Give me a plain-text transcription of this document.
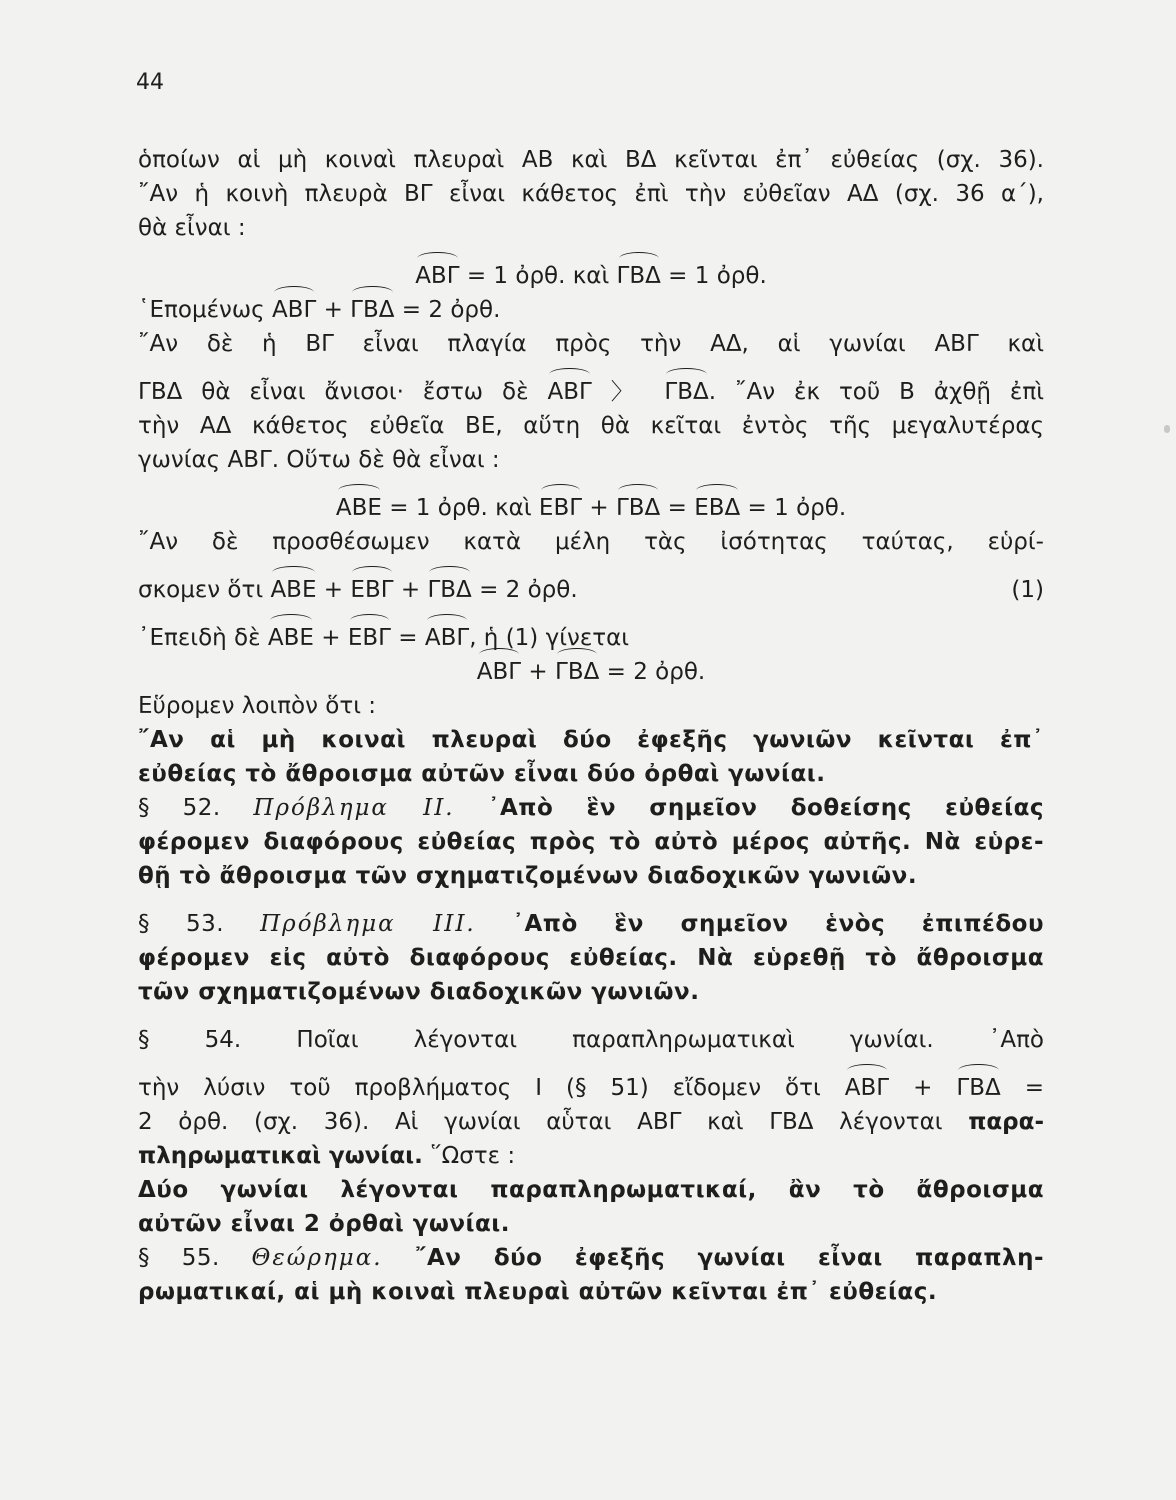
44
ὁποίων αἱ μὴ κοιναὶ πλευραὶ ΑΒ καὶ ΒΔ κεῖνται ἐπ᾽ εὐθείας (σχ. 36).
῎Αν ἡ κοινὴ πλευρὰ ΒΓ εἶναι κάθετος ἐπὶ τὴν εὐθεῖαν ΑΔ (σχ. 36 α΄),
θὰ εἶναι :
ΑΒΓ = 1 ὀρθ. καὶ ΓΒΔ = 1 ὀρθ.
῾Επομένως ΑΒΓ + ΓΒΔ = 2 ὀρθ.
῎Αν δὲ ἡ ΒΓ εἶναι πλαγία πρὸς τὴν ΑΔ, αἱ γωνίαι ΑΒΓ καὶ
ΓΒΔ θὰ εἶναι ἄνισοι· ἔστω δὲ ΑΒΓ 〉 ΓΒΔ. ῎Αν ἐκ τοῦ Β ἀχθῇ ἐπὶ
τὴν ΑΔ κάθετος εὐθεῖα ΒΕ, αὕτη θὰ κεῖται ἐντὸς τῆς μεγαλυτέρας
γωνίας ΑΒΓ. Οὕτω δὲ θὰ εἶναι :
ΑΒΕ = 1 ὀρθ. καὶ ΕΒΓ + ΓΒΔ = ΕΒΔ = 1 ὀρθ.
῎Αν δὲ προσθέσωμεν κατὰ μέλη τὰς ἰσότητας ταύτας, εὑρί-
σκομεν ὅτι ΑΒΕ + ΕΒΓ + ΓΒΔ = 2 ὀρθ.	(1)
᾿Επειδὴ δὲ ΑΒΕ + ΕΒΓ = ΑΒΓ, ἡ (1) γίνεται
ΑΒΓ + ΓΒΔ = 2 ὀρθ.
Εὕρομεν λοιπὸν ὅτι :
῎Αν αἱ μὴ κοιναὶ πλευραὶ δύο ἐφεξῆς γωνιῶν κεῖνται ἐπ᾽
εὐθείας τὸ ἄθροισμα αὐτῶν εἶναι δύο ὀρθαὶ γωνίαι.
§ 52. Πρόβλημα ΙΙ. ᾿Απὸ ἓν σημεῖον δοθείσης εὐθείας
φέρομεν διαφόρους εὐθείας πρὸς τὸ αὐτὸ μέρος αὐτῆς. Νὰ εὑρε-
θῇ τὸ ἄθροισμα τῶν σχηματιζομένων διαδοχικῶν γωνιῶν.
§ 53. Πρόβλημα ΙΙΙ. ᾿Απὸ ἓν σημεῖον ἑνὸς ἐπιπέδου
φέρομεν εἰς αὐτὸ διαφόρους εὐθείας. Νὰ εὑρεθῇ τὸ ἄθροισμα
τῶν σχηματιζομένων διαδοχικῶν γωνιῶν.
§ 54. Ποῖαι λέγονται παραπληρωματικαὶ γωνίαι. ᾿Απὸ
τὴν λύσιν τοῦ προβλήματος Ι (§ 51) εἴδομεν ὅτι ΑΒΓ + ΓΒΔ =
2 ὀρθ. (σχ. 36). Αἱ γωνίαι αὗται ΑΒΓ καὶ ΓΒΔ λέγονται παρα-
πληρωματικαὶ γωνίαι. ῞Ωστε :
Δύο γωνίαι λέγονται παραπληρωματικαί, ἂν τὸ ἄθροισμα
αὐτῶν εἶναι 2 ὀρθαὶ γωνίαι.
§ 55. Θεώρημα. ῎Αν δύο ἐφεξῆς γωνίαι εἶναι παραπλη-
ρωματικαί, αἱ μὴ κοιναὶ πλευραὶ αὐτῶν κεῖνται ἐπ᾽ εὐθείας.
